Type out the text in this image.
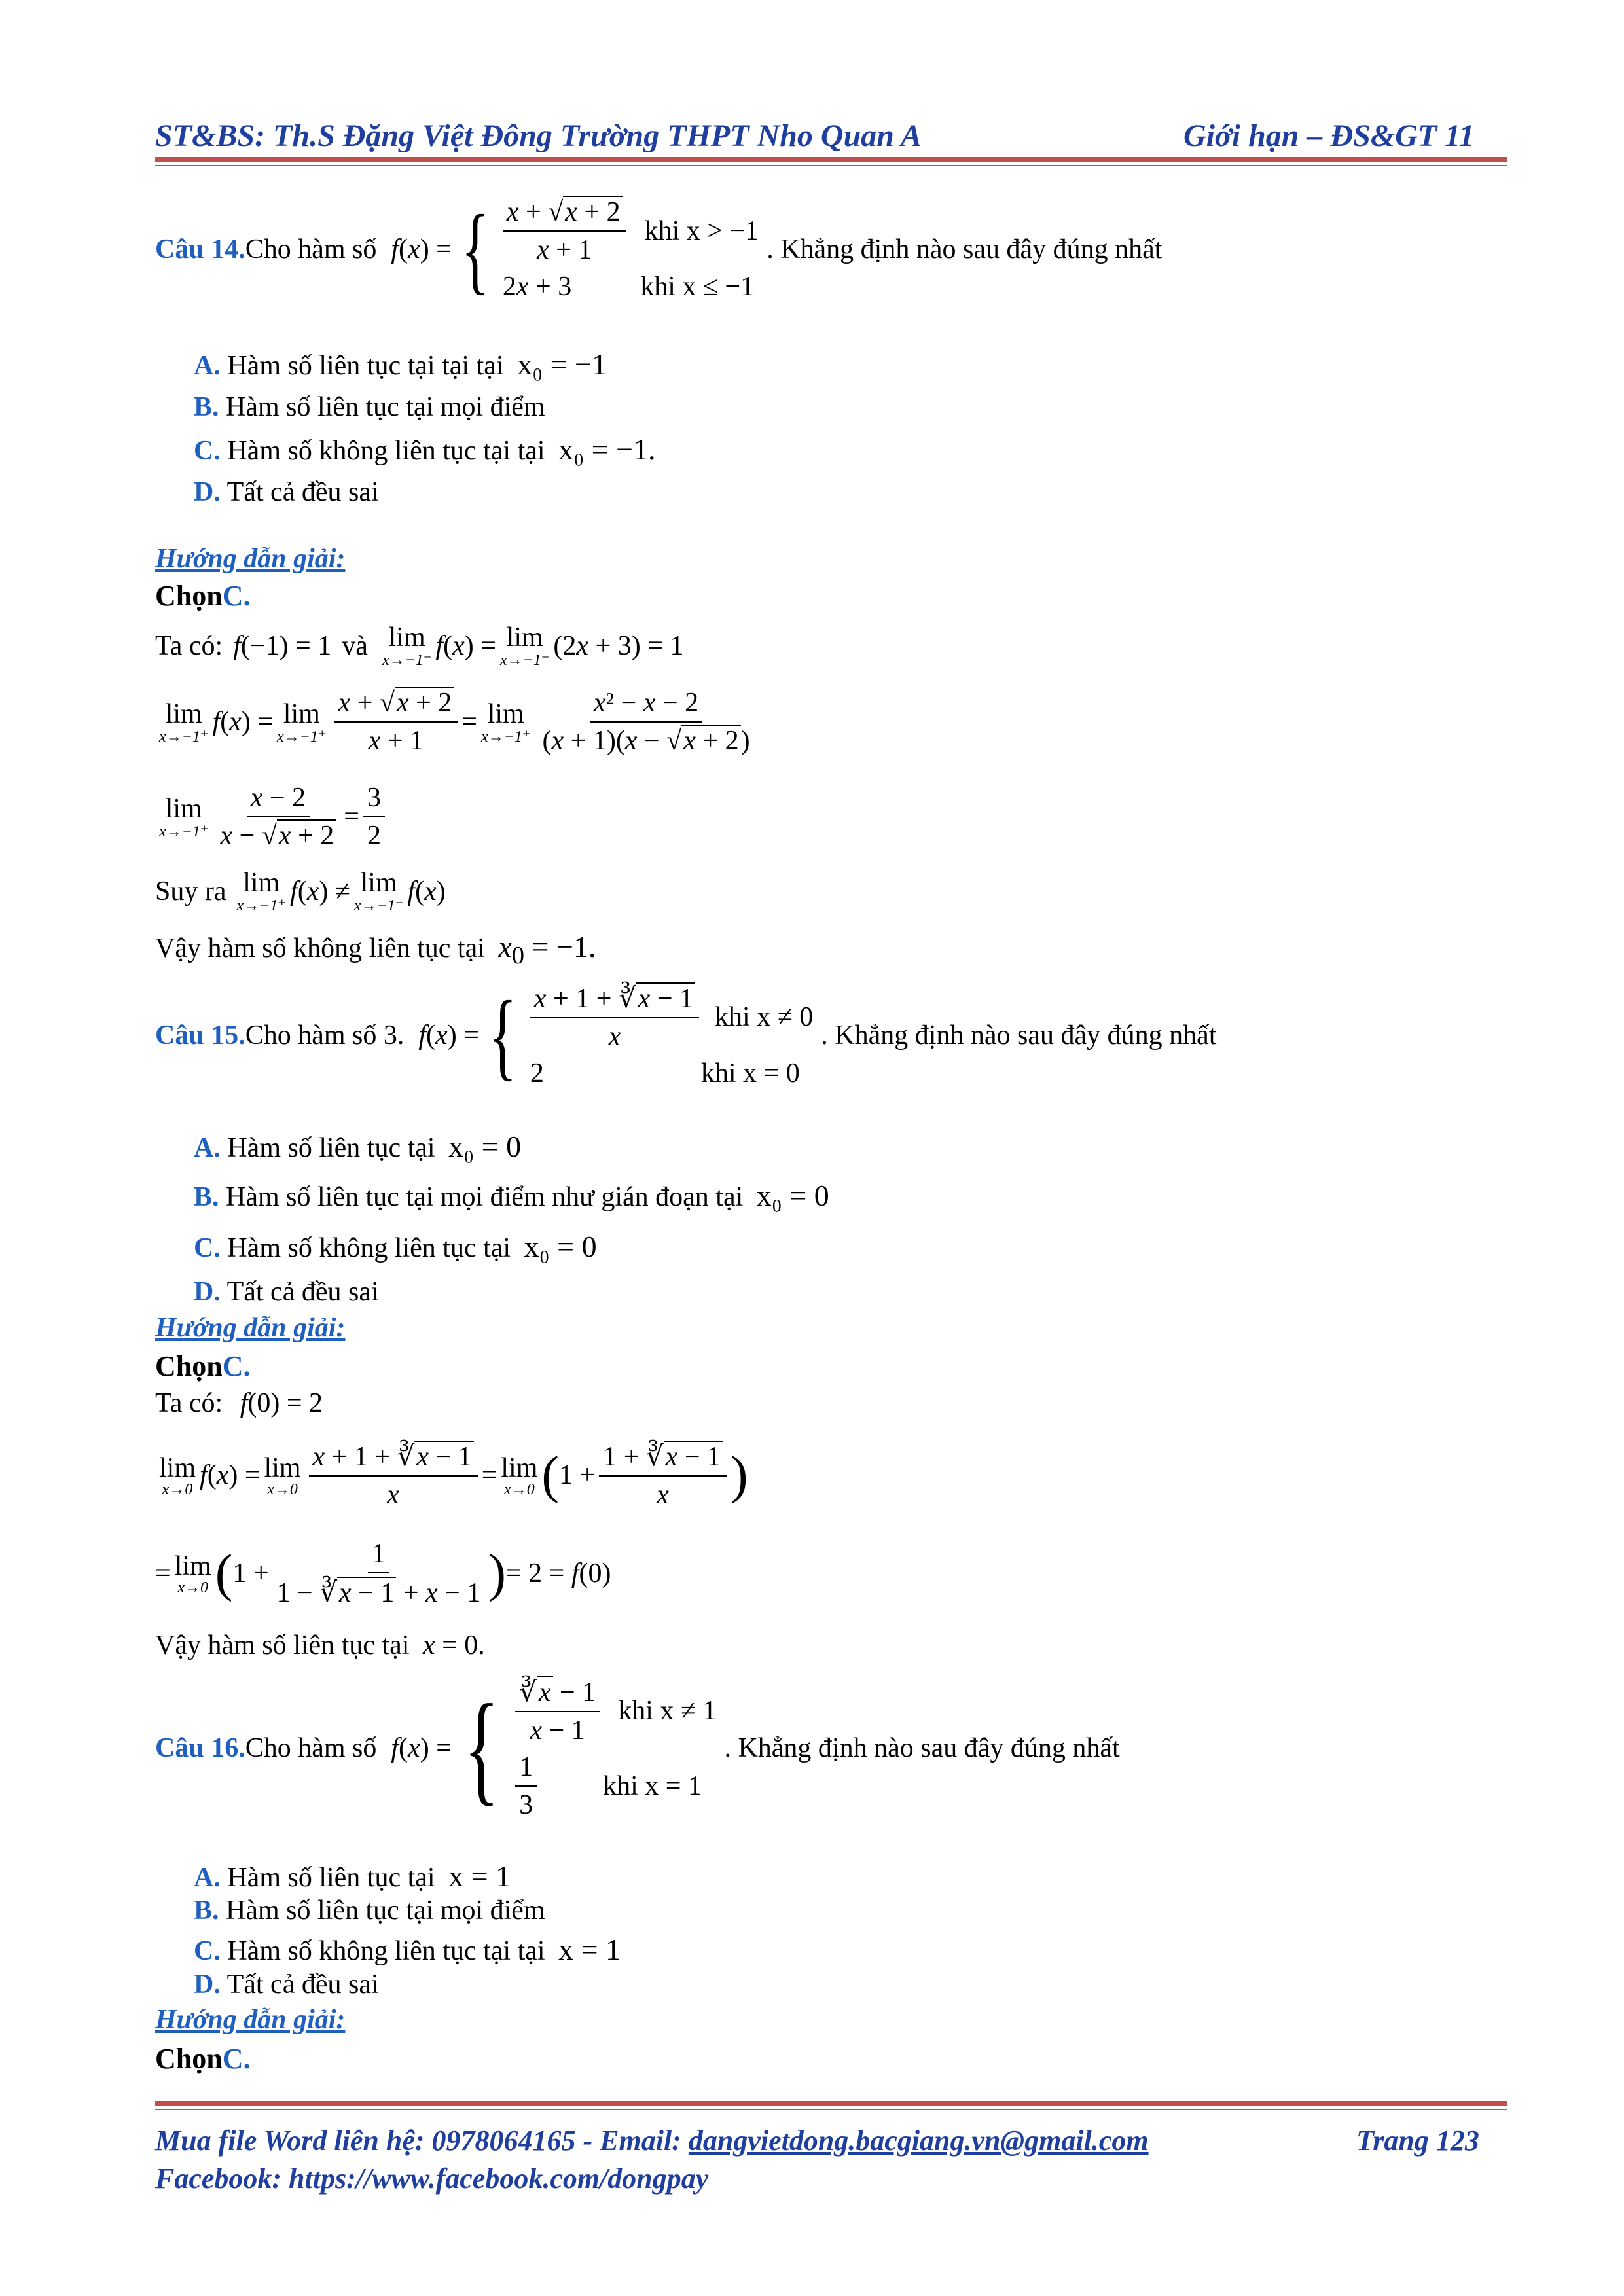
ST&BS: Th.S Đặng Việt Đông Trường THPT Nho Quan A	Giới hạn – ĐS&GT 11
Câu 14. Cho hàm số f(x) = { $\frac{x + √x + 2}{x + 1}$ khi x > −1
2x + 3	khi x ≤ −1
. Khẳng định nào sau đây đúng nhất
A. Hàm số liên tục tại tại tại x₀ = −1
B. Hàm số liên tục tại mọi điểm
C. Hàm số không liên tục tại tại x₀ = −1.
D. Tất cả đều sai
Hướng dẫn giải:
ChọnC.
Ta có: f(−1) = 1 và lim
x→−1⁻ f(x) = lim
x→−1⁻ (2x + 3) = 1
lim
x→−1⁺ f(x) = lim
$x\to-1^+ \frac{x + √x + 2}{x + 1} = \lim$
$x\to-1^+ \frac{\text{x² − x − 2}}{(x + 1)(x - √x + 2)}$
lim
$x\to-1^+ \frac{x - 2}{x - √x + 2} = \frac{3}{2}$
Suy ra lim
x→−1⁺ f(x) ≠ lim
x→−1⁻ f(x)
Vậy hàm số không liên tục tại $x_0 = -1$.
Câu 15. Cho hàm số 3. f(x) = { $\frac{x + 1 + ∛x - 1}{x}$ khi x ≠ 0
2	khi x = 0
. Khẳng định nào sau đây đúng nhất
A. Hàm số liên tục tại x₀ = 0
B. Hàm số liên tục tại mọi điểm như gián đoạn tại x₀ = 0
C. Hàm số không liên tục tại x₀ = 0
D. Tất cả đều sai
Hướng dẫn giải:
ChọnC.
Ta có: f(0) = 2
lim
x→0 f(x) = lim
$x\to 0 \frac{x + 1 + ∛x - 1}{x} = \lim$
x→0 ( $1 + \frac{1 + ∛x - 1}{x}$ )
= lim
x→0 ( $1 + \frac{1}{1 - ∛x - 1 + x - 1}$ ) = 2 = f(0)
Vậy hàm số liên tục tại x = 0.
Câu 16. Cho hàm số f(x) = { $\frac{∛x - 1}{x - 1}$ khi x ≠ 1
$\frac{1}{3}$ khi x = 1
. Khẳng định nào sau đây đúng nhất
A. Hàm số liên tục tại x = 1
B. Hàm số liên tục tại mọi điểm
C. Hàm số không liên tục tại tại x = 1
D. Tất cả đều sai
Hướng dẫn giải:
ChọnC.
Mua file Word liên hệ: 0978064165 - Email: dangvietdong.bacgiang.vn@gmail.com	Trang 123
Facebook: https://www.facebook.com/dongpay
